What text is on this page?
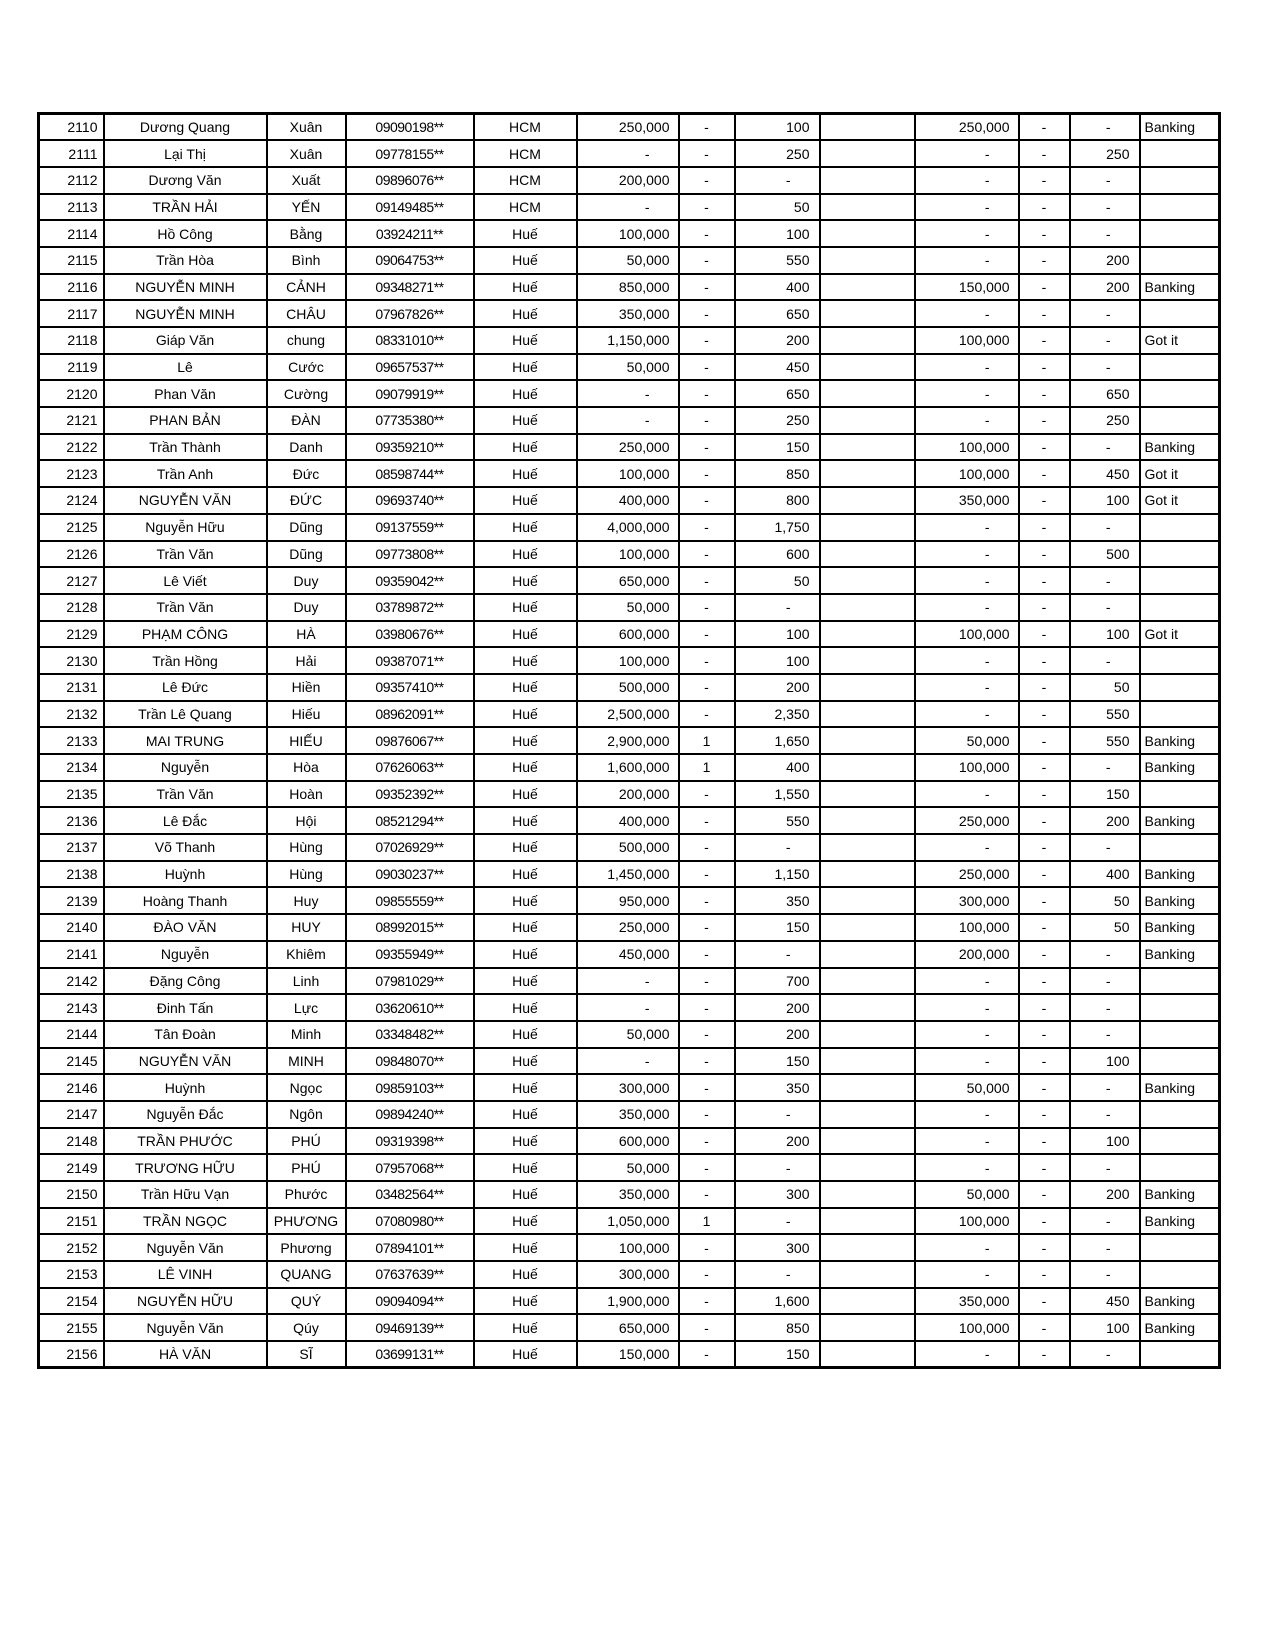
2110	Dương Quang	Xuân	09090198**	HCM	250,000	-	100		250,000	-	-	Banking
2111	Lại Thị	Xuân	09778155**	HCM	-	-	250		-	-	250	
2112	Dương Văn	Xuất	09896076**	HCM	200,000	-	-		-	-	-	
2113	TRẦN HẢI	YẾN	09149485**	HCM	-	-	50		-	-	-	
2114	Hồ Công	Bằng	03924211**	Huế	100,000	-	100		-	-	-	
2115	Trần Hòa	Bình	09064753**	Huế	50,000	-	550		-	-	200	
2116	NGUYỄN MINH	CẢNH	09348271**	Huế	850,000	-	400		150,000	-	200	Banking
2117	NGUYỄN MINH	CHÂU	07967826**	Huế	350,000	-	650		-	-	-	
2118	Giáp Văn	chung	08331010**	Huế	1,150,000	-	200		100,000	-	-	Got it
2119	Lê	Cước	09657537**	Huế	50,000	-	450		-	-	-	
2120	Phan Văn	Cường	09079919**	Huế	-	-	650		-	-	650	
2121	PHAN BẢN	ĐÀN	07735380**	Huế	-	-	250		-	-	250	
2122	Trần Thành	Danh	09359210**	Huế	250,000	-	150		100,000	-	-	Banking
2123	Trần Anh	Đức	08598744**	Huế	100,000	-	850		100,000	-	450	Got it
2124	NGUYỄN VĂN	ĐỨC	09693740**	Huế	400,000	-	800		350,000	-	100	Got it
2125	Nguyễn Hữu	Dũng	09137559**	Huế	4,000,000	-	1,750		-	-	-	
2126	Trần Văn	Dũng	09773808**	Huế	100,000	-	600		-	-	500	
2127	Lê Viết	Duy	09359042**	Huế	650,000	-	50		-	-	-	
2128	Trần Văn	Duy	03789872**	Huế	50,000	-	-		-	-	-	
2129	PHẠM CÔNG	HÀ	03980676**	Huế	600,000	-	100		100,000	-	100	Got it
2130	Trần Hồng	Hải	09387071**	Huế	100,000	-	100		-	-	-	
2131	Lê Đức	Hiền	09357410**	Huế	500,000	-	200		-	-	50	
2132	Trần Lê Quang	Hiếu	08962091**	Huế	2,500,000	-	2,350		-	-	550	
2133	MAI TRUNG	HIẾU	09876067**	Huế	2,900,000	1	1,650		50,000	-	550	Banking
2134	Nguyễn	Hòa	07626063**	Huế	1,600,000	1	400		100,000	-	-	Banking
2135	Trần Văn	Hoàn	09352392**	Huế	200,000	-	1,550		-	-	150	
2136	Lê Đắc	Hội	08521294**	Huế	400,000	-	550		250,000	-	200	Banking
2137	Võ Thanh	Hùng	07026929**	Huế	500,000	-	-		-	-	-	
2138	Huỳnh	Hùng	09030237**	Huế	1,450,000	-	1,150		250,000	-	400	Banking
2139	Hoàng Thanh	Huy	09855559**	Huế	950,000	-	350		300,000	-	50	Banking
2140	ĐÀO VĂN	HUY	08992015**	Huế	250,000	-	150		100,000	-	50	Banking
2141	Nguyễn	Khiêm	09355949**	Huế	450,000	-	-		200,000	-	-	Banking
2142	Đặng Công	Linh	07981029**	Huế	-	-	700		-	-	-	
2143	Đinh Tấn	Lực	03620610**	Huế	-	-	200		-	-	-	
2144	Tân Đoàn	Minh	03348482**	Huế	50,000	-	200		-	-	-	
2145	NGUYỄN VĂN	MINH	09848070**	Huế	-	-	150		-	-	100	
2146	Huỳnh	Ngọc	09859103**	Huế	300,000	-	350		50,000	-	-	Banking
2147	Nguyễn Đắc	Ngôn	09894240**	Huế	350,000	-	-		-	-	-	
2148	TRẦN PHƯỚC	PHÚ	09319398**	Huế	600,000	-	200		-	-	100	
2149	TRƯƠNG HỮU	PHÚ	07957068**	Huế	50,000	-	-		-	-	-	
2150	Trần Hữu Vạn	Phước	03482564**	Huế	350,000	-	300		50,000	-	200	Banking
2151	TRẦN NGỌC	PHƯƠNG	07080980**	Huế	1,050,000	1	-		100,000	-	-	Banking
2152	Nguyễn Văn	Phương	07894101**	Huế	100,000	-	300		-	-	-	
2153	LÊ VINH	QUANG	07637639**	Huế	300,000	-	-		-	-	-	
2154	NGUYỄN HỮU	QUÝ	09094094**	Huế	1,900,000	-	1,600		350,000	-	450	Banking
2155	Nguyễn Văn	Qúy	09469139**	Huế	650,000	-	850		100,000	-	100	Banking
2156	HÀ VĂN	SĨ	03699131**	Huế	150,000	-	150		-	-	-	
